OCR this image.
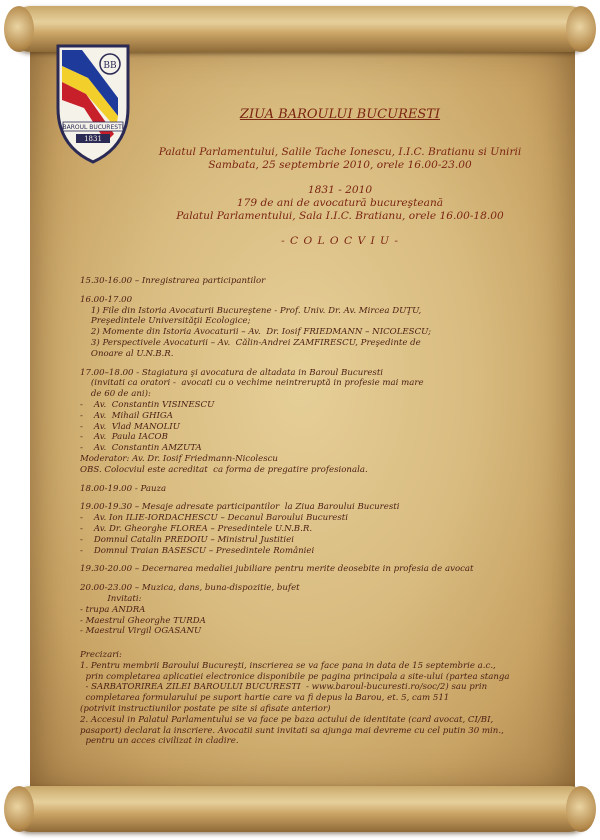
BB
BAROUL BUCURESTI
1831
ZIUA BAROULUI BUCURESTI
Palatul Parlamentului, Salile Tache Ionescu, I.I.C. Bratianu si Unirii
Sambata, 25 septembrie 2010, orele 16.00-23.00
1831 - 2010
179 de ani de avocatură bucureşteană
Palatul Parlamentului, Sala I.I.C. Bratianu, orele 16.00-18.00
- C O L O C V I U -
15.30-16.00 – Inregistrarea participantilor
16.00-17.00
1) File din Istoria Avocaturii Bucureştene - Prof. Univ. Dr. Av. Mircea DUŢU,
Preşedintele Universităţii Ecologice;
2) Momente din Istoria Avocaturii – Av.  Dr. Iosif FRIEDMANN – NICOLESCU;
3) Perspectivele Avocaturii – Av.  Călin-Andrei ZAMFIRESCU, Preşedinte de
Onoare al U.N.B.R.
17.00–18.00 - Stagiatura şi avocatura de altadata in Baroul Bucuresti
(invitati ca oratori -  avocati cu o vechime neintreruptă in profesie mai mare
de 60 de ani):
-    Av.  Constantin VISINESCU
-    Av.  Mihail GHIGA
-    Av.  Vlad MANOLIU
-    Av.  Paula IACOB
-    Av.  Constantin AMZUTA
Moderator: Av. Dr. Iosif Friedmann-Nicolescu
OBS. Colocviul este acreditat  ca forma de pregatire profesionala.
18.00-19.00 - Pauza
19.00-19.30 – Mesaje adresate participantilor  la Ziua Baroului Bucuresti
-    Av. Ion ILIE-IORDACHESCU – Decanul Baroului Bucuresti
-    Av. Dr. Gheorghe FLOREA – Presedintele U.N.B.R.
-    Domnul Catalin PREDOIU – Ministrul Justitiei
-    Domnul Traian BASESCU – Presedintele României
19.30-20.00 – Decernarea medaliei jubiliare pentru merite deosebite in profesia de avocat
20.00-23.00 – Muzica, dans, buna-dispozitie, bufet
Invitati:
- trupa ANDRA
- Maestrul Gheorghe TURDA
- Maestrul Virgil OGASANU
Precizari:
1. Pentru membrii Baroului Bucureşti, inscrierea se va face pana in data de 15 septembrie a.c.,
prin completarea aplicatiei electronice disponibile pe pagina principala a site-ului (partea stanga
- SARBATORIREA ZILEI BAROULUI BUCURESTI  - www.baroul-bucuresti.ro/soc/2) sau prin
completarea formularului pe suport hartie care va fi depus la Barou, et. 5, cam 511
(potrivit instructiunilor postate pe site si afisate anterior)
2. Accesul in Palatul Parlamentului se va face pe baza actului de identitate (card avocat, CI/BI,
pasaport) declarat la inscriere. Avocatii sunt invitati sa ajunga mai devreme cu cel putin 30 min.,
pentru un acces civilizat in cladire.
